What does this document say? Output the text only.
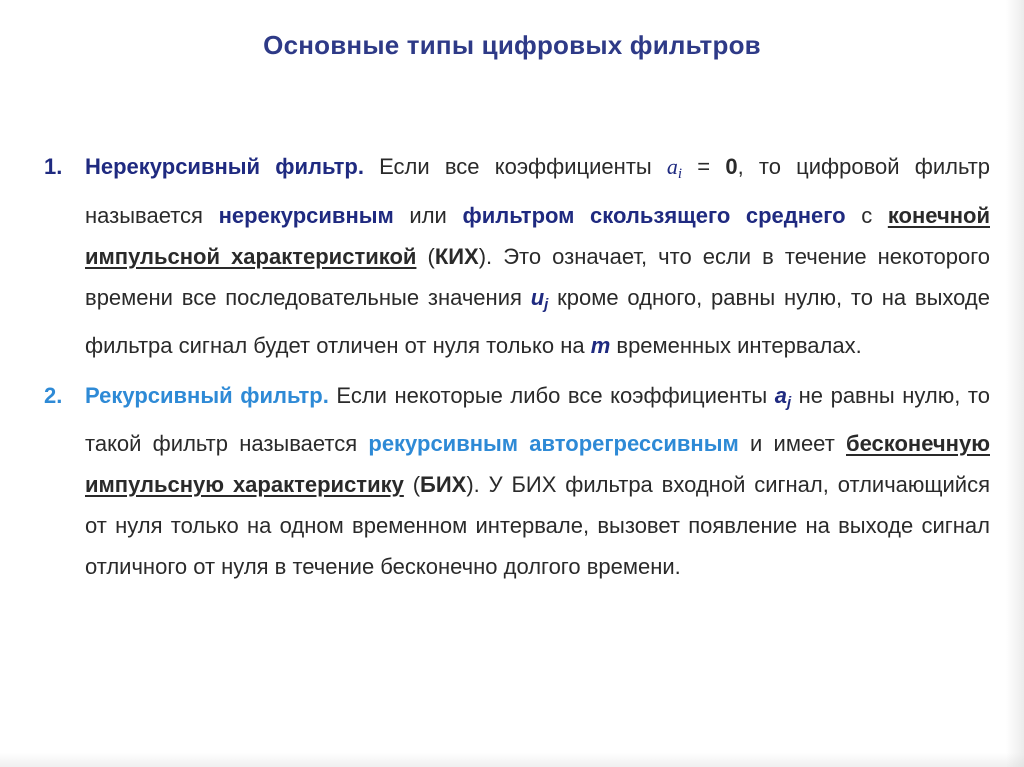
Основные типы цифровых фильтров
1. Нерекурсивный фильтр. Если все коэффициенты $a_i = 0$, то цифровой фильтр называется нерекурсивным или фильтром скользящего среднего с конечной импульсной характеристикой (КИХ). Это означает, что если в течение некоторого времени все последовательные значения $u_j$ кроме одного, равны нулю, то на выходе фильтра сигнал будет отличен от нуля только на m временных интервалах.
2. Рекурсивный фильтр. Если некоторые либо все коэффициенты $a_j$ не равны нулю, то такой фильтр называется рекурсивным авторегрессивным и имеет бесконечную импульсную характеристику (БИХ). У БИХ фильтра входной сигнал, отличающийся от нуля только на одном временном интервале, вызовет появление на выходе сигнал отличного от нуля в течение бесконечно долгого времени.
